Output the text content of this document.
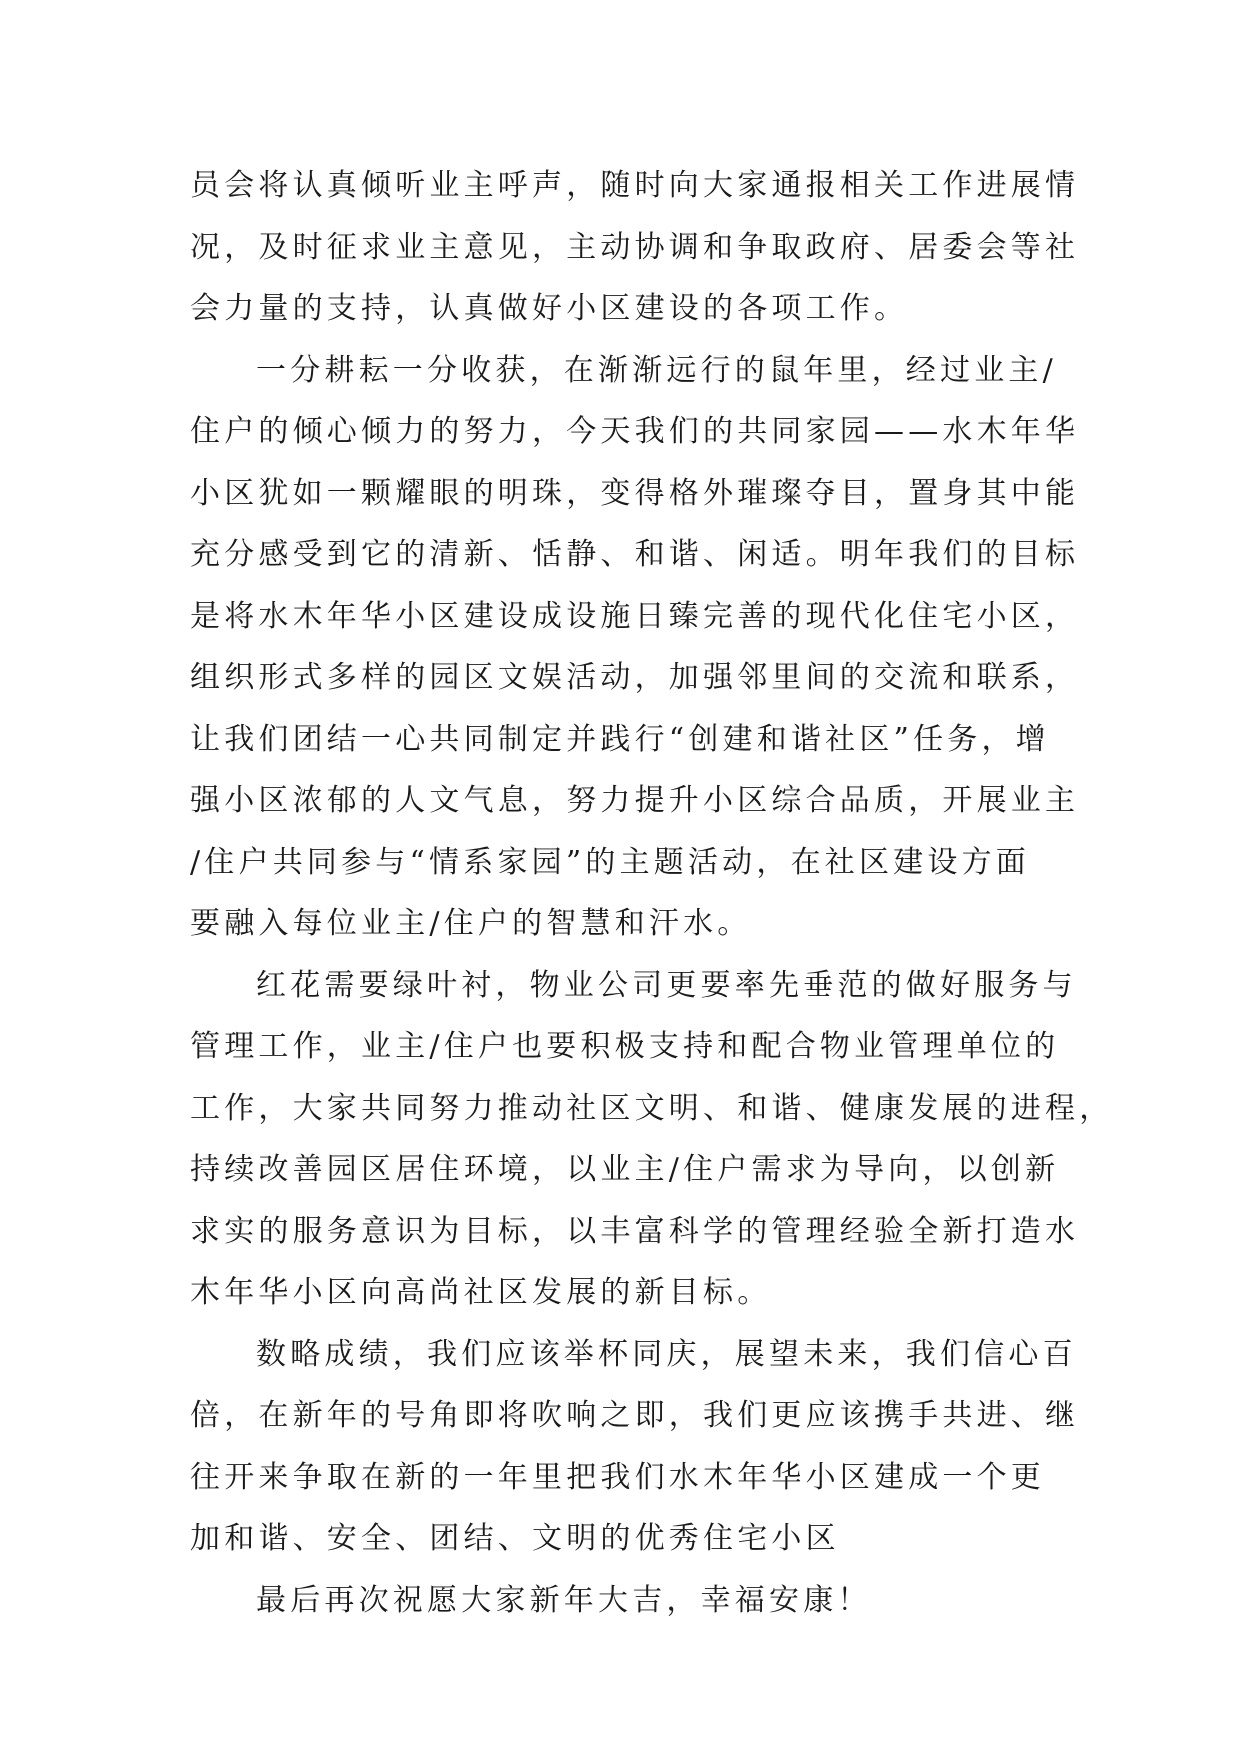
员会将认真倾听业主呼声，随时向大家通报相关工作进展情
况，及时征求业主意见，主动协调和争取政府、居委会等社
会力量的支持，认真做好小区建设的各项工作。
一分耕耘一分收获，在渐渐远行的鼠年里，经过业主/
住户的倾心倾力的努力，今天我们的共同家园——水木年华
小区犹如一颗耀眼的明珠，变得格外璀璨夺目，置身其中能
充分感受到它的清新、恬静、和谐、闲适。明年我们的目标
是将水木年华小区建设成设施日臻完善的现代化住宅小区，
组织形式多样的园区文娱活动，加强邻里间的交流和联系，
让我们团结一心共同制定并践行“创建和谐社区”任务，增
强小区浓郁的人文气息，努力提升小区综合品质，开展业主
/住户共同参与“情系家园”的主题活动，在社区建设方面
要融入每位业主/住户的智慧和汗水。
红花需要绿叶衬，物业公司更要率先垂范的做好服务与
管理工作，业主/住户也要积极支持和配合物业管理单位的
工作，大家共同努力推动社区文明、和谐、健康发展的进程，
持续改善园区居住环境，以业主/住户需求为导向，以创新
求实的服务意识为目标，以丰富科学的管理经验全新打造水
木年华小区向高尚社区发展的新目标。
数略成绩，我们应该举杯同庆，展望未来，我们信心百
倍，在新年的号角即将吹响之即，我们更应该携手共进、继
往开来争取在新的一年里把我们水木年华小区建成一个更
加和谐、安全、团结、文明的优秀住宅小区
最后再次祝愿大家新年大吉，幸福安康！
